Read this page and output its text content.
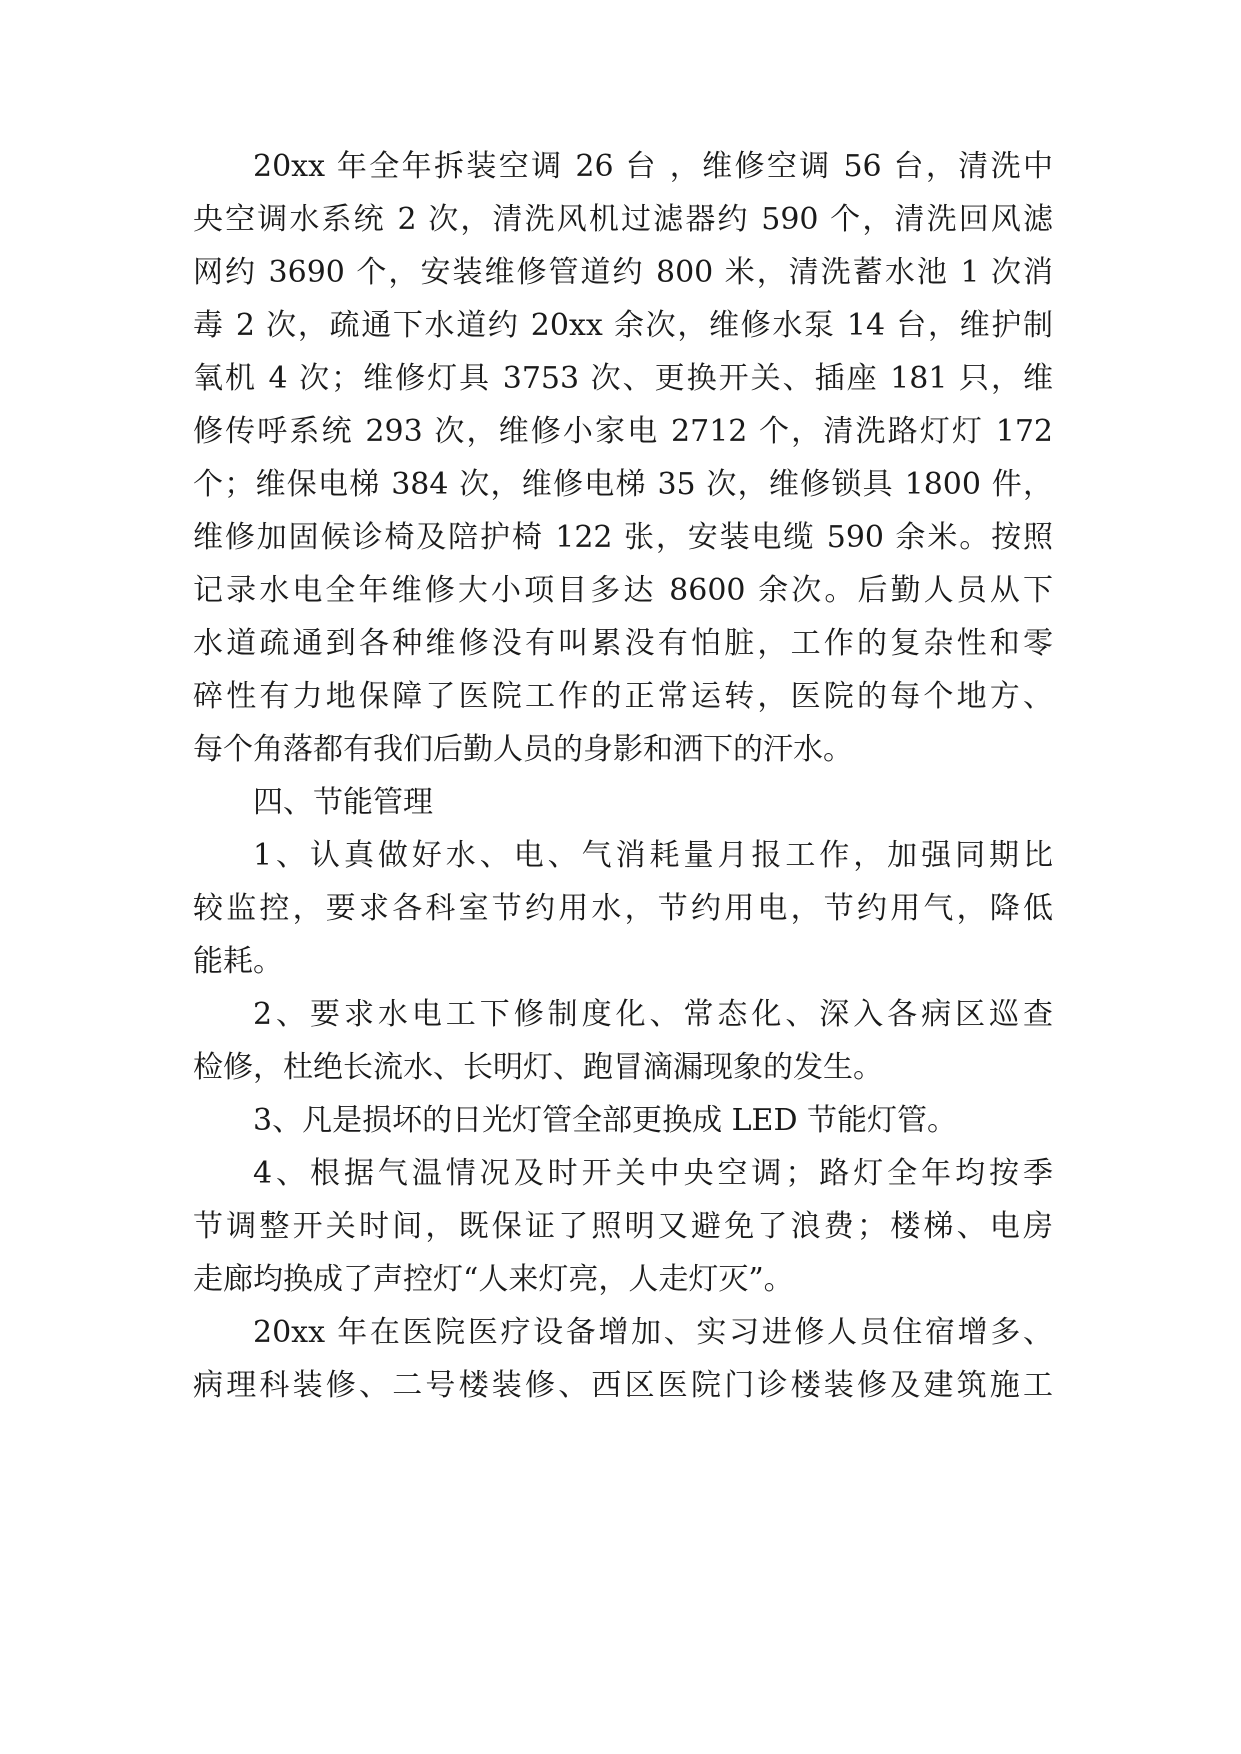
20xx 年全年拆装空调 26 台 ，维修空调 56 台，清洗中
央空调水系统 2 次，清洗风机过滤器约 590 个，清洗回风滤
网约 3690 个，安装维修管道约 800 米，清洗蓄水池 1 次消
毒 2 次，疏通下水道约 20xx 余次，维修水泵 14 台，维护制
氧机 4 次；维修灯具 3753 次、更换开关、插座 181 只，维
修传呼系统 293 次，维修小家电 2712 个，清洗路灯灯 172
个；维保电梯 384 次，维修电梯 35 次，维修锁具 1800 件，
维修加固候诊椅及陪护椅 122 张，安装电缆 590 余米。按照
记录水电全年维修大小项目多达 8600 余次。后勤人员从下
水道疏通到各种维修没有叫累没有怕脏，工作的复杂性和零
碎性有力地保障了医院工作的正常运转，医院的每个地方、
每个角落都有我们后勤人员的身影和洒下的汗水。
四、节能管理
1、认真做好水、电、气消耗量月报工作，加强同期比
较监控，要求各科室节约用水，节约用电，节约用气，降低
能耗。
2、要求水电工下修制度化、常态化、深入各病区巡查
检修，杜绝长流水、长明灯、跑冒滴漏现象的发生。
3、凡是损坏的日光灯管全部更换成 LED 节能灯管。
4、根据气温情况及时开关中央空调；路灯全年均按季
节调整开关时间，既保证了照明又避免了浪费；楼梯、电房
走廊均换成了声控灯“人来灯亮，人走灯灭”。
20xx 年在医院医疗设备增加、实习进修人员住宿增多、
病理科装修、二号楼装修、西区医院门诊楼装修及建筑施工
